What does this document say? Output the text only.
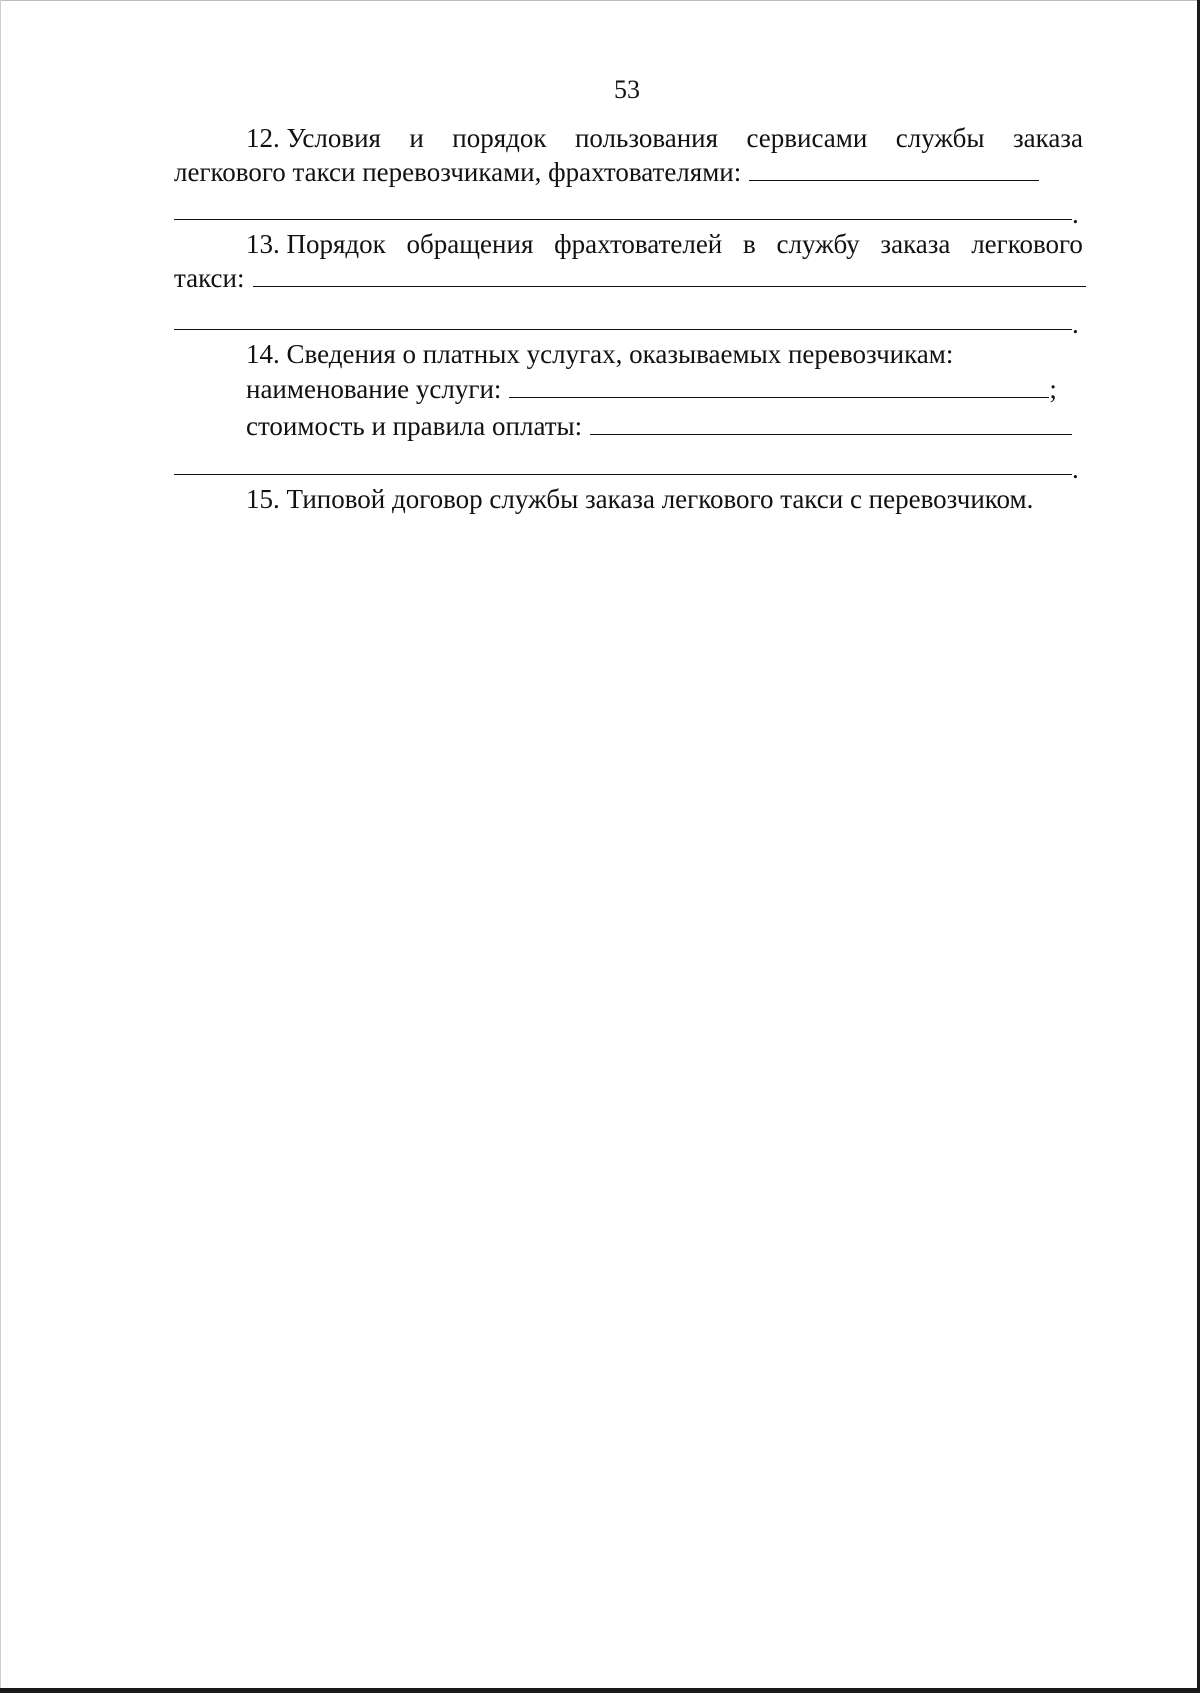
53
12. Условия и порядок пользования сервисами службы заказа
легкового такси перевозчиками, фрахтователями:
.
13. Порядок обращения фрахтователей в службу заказа легкового
такси:
.
14. Сведения о платных услугах, оказываемых перевозчикам:
наименование услуги:	;
стоимость и правила оплаты:
.
15. Типовой договор службы заказа легкового такси с перевозчиком.
